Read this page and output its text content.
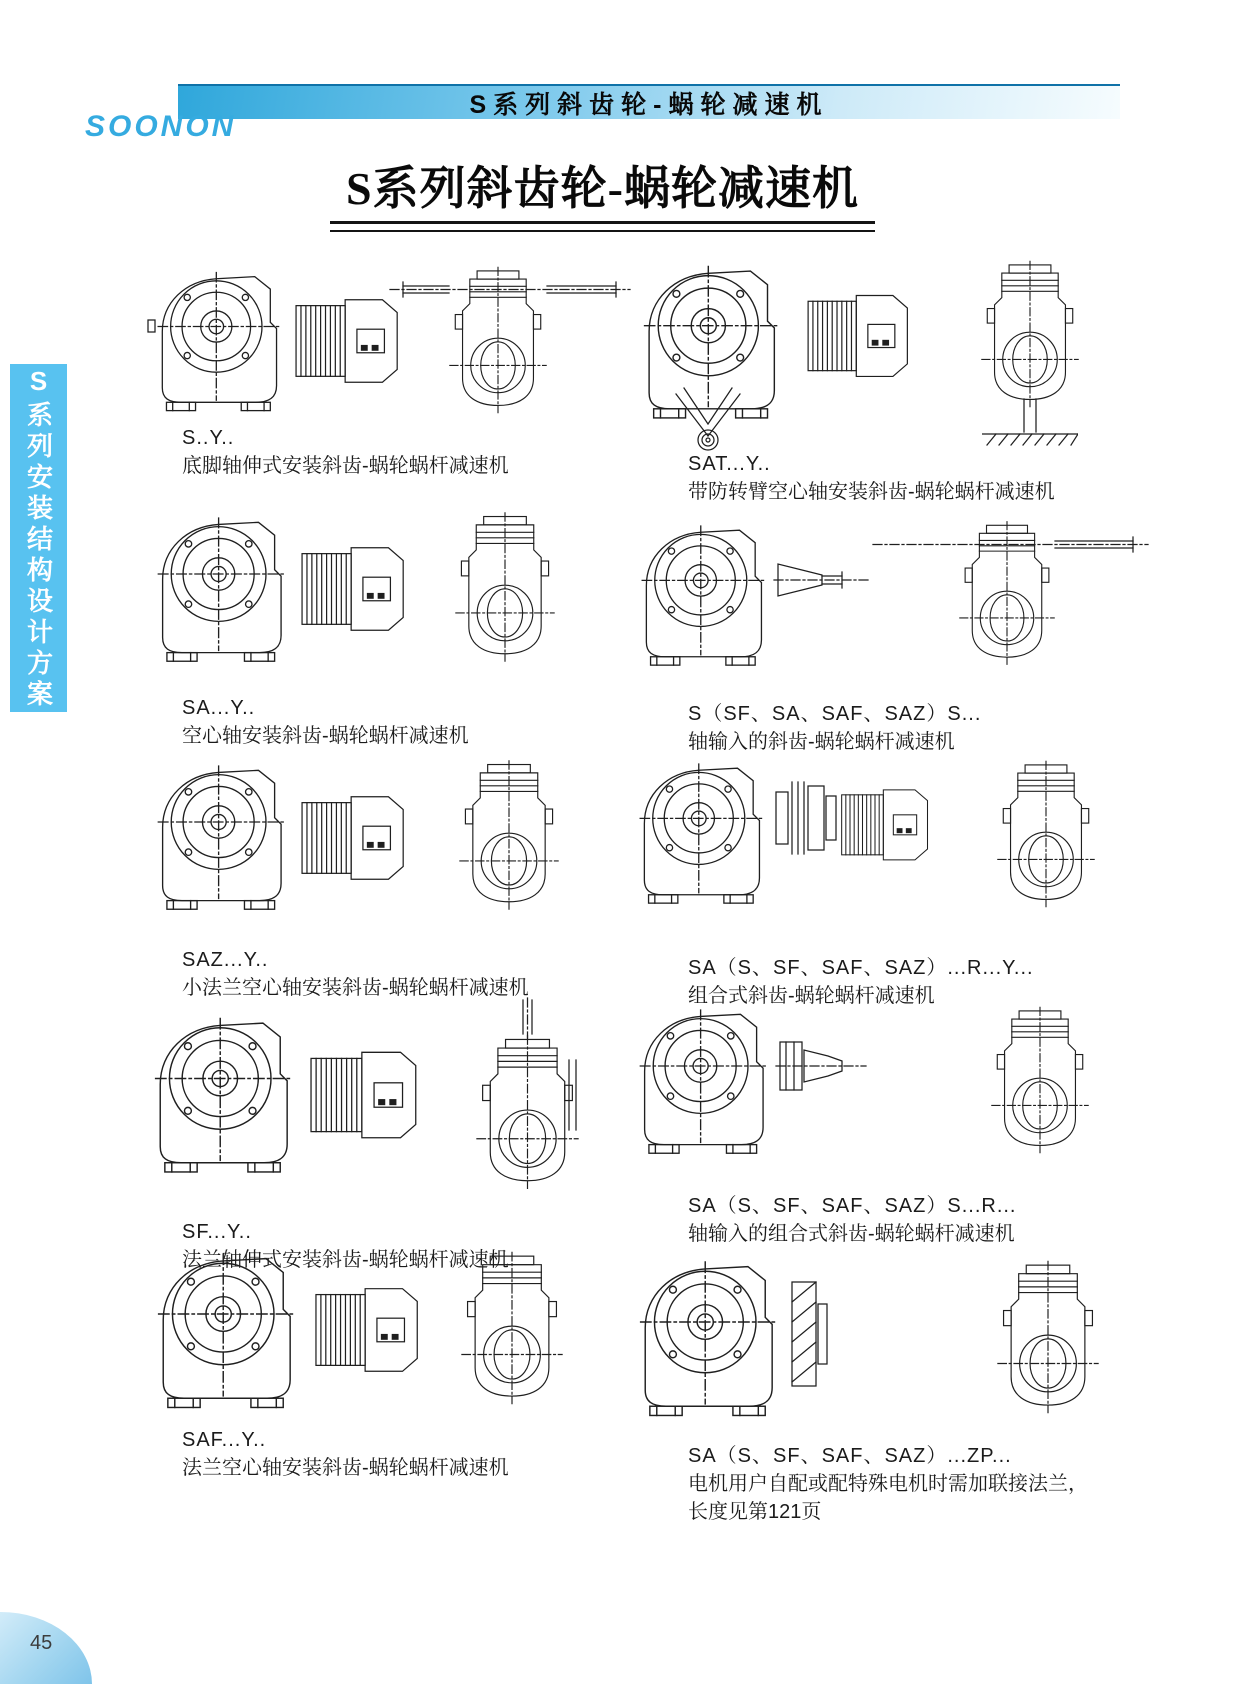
S系列斜齿轮-蜗轮减速机
SOONON
S系列斜齿轮-蜗轮减速机
S系列安装结构设计方案	S..Y..
底脚轴伸式安装斜齿-蜗轮蜗杆减速机	SAT...Y..
带防转臂空心轴安装斜齿-蜗轮蜗杆减速机
SA...Y..
空心轴安装斜齿-蜗轮蜗杆减速机
S（SF、SA、SAF、SAZ）S...
轴输入的斜齿-蜗轮蜗杆减速机
SAZ...Y..
小法兰空心轴安装斜齿-蜗轮蜗杆减速机
SA（S、SF、SAF、SAZ）...R...Y...
组合式斜齿-蜗轮蜗杆减速机
SF...Y..
法兰轴伸式安装斜齿-蜗轮蜗杆减速机
SA（S、SF、SAF、SAZ）S...R...
轴输入的组合式斜齿-蜗轮蜗杆减速机
SAF...Y..
法兰空心轴安装斜齿-蜗轮蜗杆减速机
SA（S、SF、SAF、SAZ）...ZP...
电机用户自配或配特殊电机时需加联接法兰，
长度见第121页
45
